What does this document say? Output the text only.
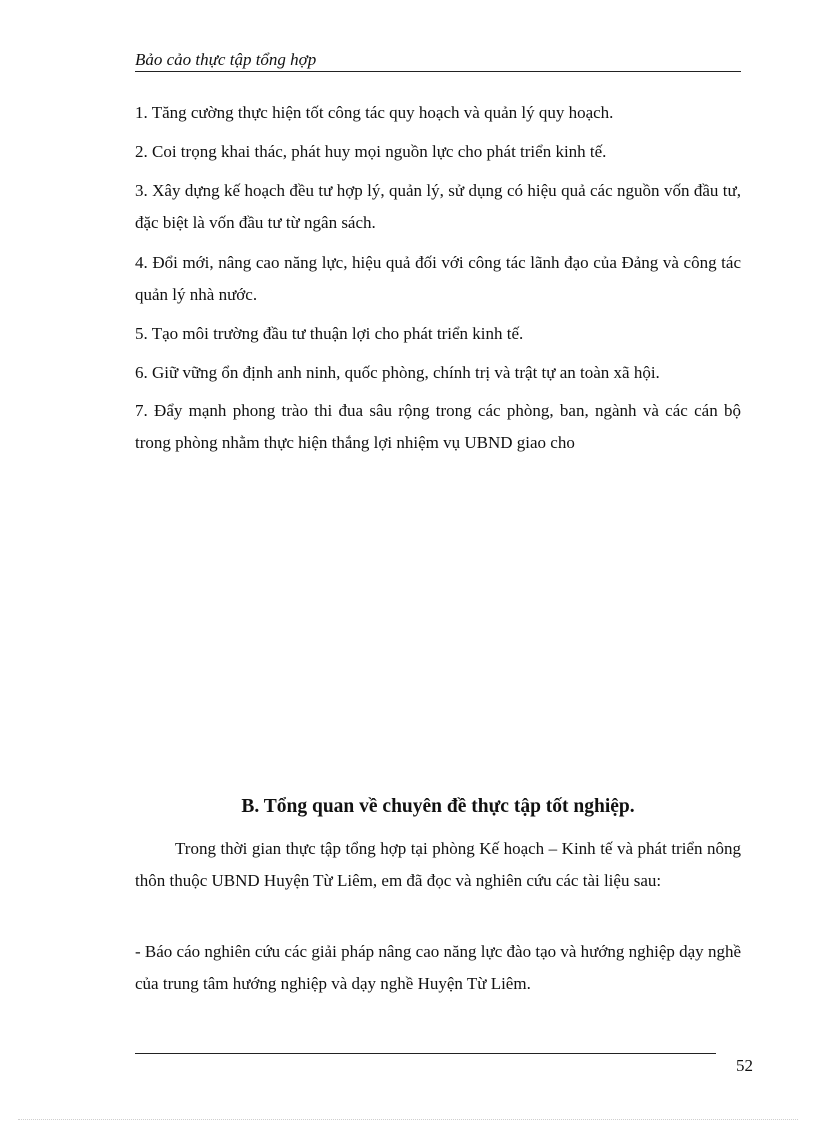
Bảo cảo thực tập tổng hợp
1. Tăng cường thực hiện tốt công tác quy hoạch và quản lý quy hoạch.
2. Coi trọng khai thác, phát huy mọi nguồn lực cho phát triển kinh tế.
3. Xây dựng kế hoạch đều tư hợp lý, quản lý, sử dụng có hiệu quả các nguồn vốn đầu tư, đặc biệt là vốn đầu tư từ ngân sách.
4. Đổi mới, nâng cao năng lực, hiệu quả đối với công tác lãnh đạo của Đảng và công tác quản lý nhà nước.
5. Tạo môi trường đầu tư thuận lợi cho phát triển kinh tế.
6. Giữ vững ổn định anh ninh, quốc phòng, chính trị và trật tự an toàn xã hội.
7. Đẩy mạnh phong trào thi đua sâu rộng trong các phòng, ban, ngành và các cán bộ trong phòng nhằm thực hiện thắng lợi nhiệm vụ UBND giao cho
B. Tổng quan về chuyên đề thực tập tốt nghiệp.
Trong thời gian thực tập tổng hợp tại phòng Kế hoạch – Kinh tế và phát triển nông thôn thuộc UBND Huyện Từ Liêm, em đã đọc và nghiên cứu các tài liệu sau:
- Báo cáo nghiên cứu các giải pháp nâng cao năng lực đào tạo và hướng nghiệp dạy nghề của trung tâm hướng nghiệp và dạy nghề Huyện Từ Liêm.
52
